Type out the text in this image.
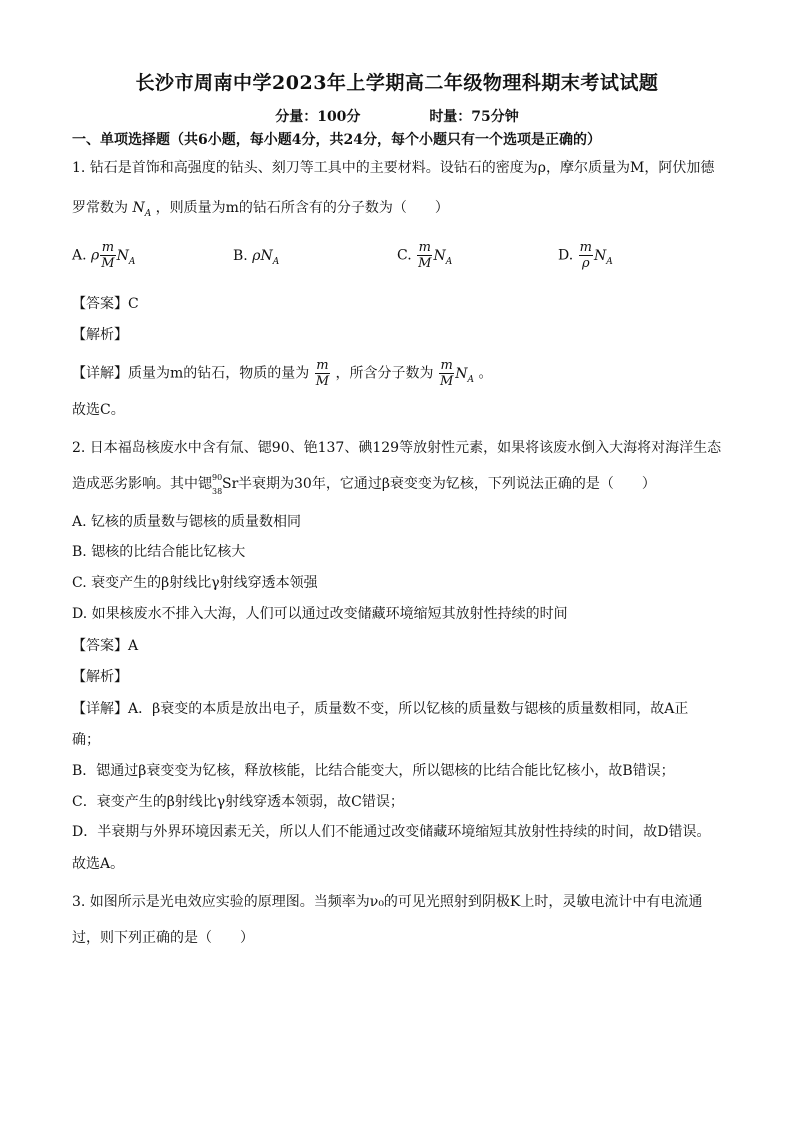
长沙市周南中学2023年上学期高二年级物理科期末考试试题
分量：100分	时量：75分钟
一、单项选择题（共6小题，每小题4分，共24分，每个小题只有一个选项是正确的）
1. 钻石是首饰和高强度的钻头、刻刀等工具中的主要材料。设钻石的密度为ρ，摩尔质量为M，阿伏加德
罗常数为 $N_A$ ，则质量为m的钻石所含有的分子数为（　　）
A. ρ $\frac{m}{M} N_A$	B. $\rho N_A$	C. $\frac{m}{M} N_A$	D. $\frac{m}{\rho} N_A$
【答案】C
【解析】
【详解】质量为m的钻石，物质的量为 $\frac{m}{M}$ ，所含分子数为 $\frac{m}{M} N_A$ 。
故选C。
2. 日本福岛核废水中含有氚、锶90、铯137、碘129等放射性元素，如果将该废水倒入大海将对海洋生态
造成恶劣影响。其中锶 90
38 Sr 半衰期为30年，它通过β衰变变为钇核，下列说法正确的是（　　）
A. 钇核的质量数与锶核的质量数相同
B. 锶核的比结合能比钇核大
C. 衰变产生的β射线比γ射线穿透本领强
D. 如果核废水不排入大海，人们可以通过改变储藏环境缩短其放射性持续的时间
【答案】A
【解析】
【详解】A．β衰变的本质是放出电子，质量数不变，所以钇核的质量数与锶核的质量数相同，故A正
确；
B．锶通过β衰变变为钇核，释放核能，比结合能变大，所以锶核的比结合能比钇核小，故B错误；
C．衰变产生的β射线比γ射线穿透本领弱，故C错误；
D．半衰期与外界环境因素无关，所以人们不能通过改变储藏环境缩短其放射性持续的时间，故D错误。
故选A。
3. 如图所示是光电效应实验的原理图。当频率为ν₀的可见光照射到阴极K上时，灵敏电流计中有电流通
过，则下列正确的是（　　）
